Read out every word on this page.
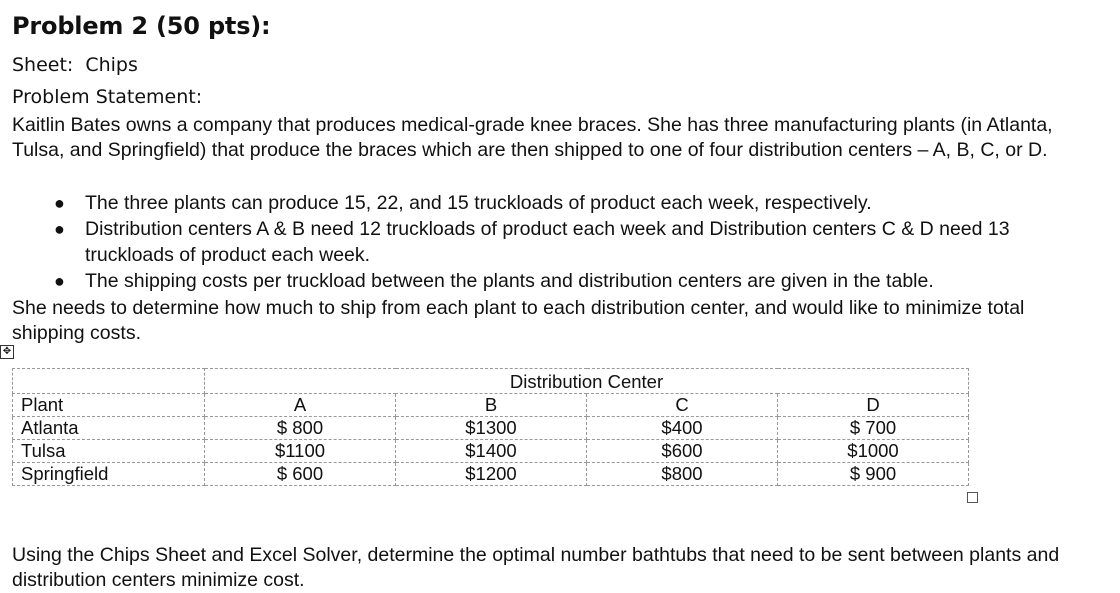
Problem 2 (50 pts):
Sheet: Chips
Problem Statement:
Kaitlin Bates owns a company that produces medical-grade knee braces. She has three manufacturing plants (in Atlanta, Tulsa, and Springfield) that produce the braces which are then shipped to one of four distribution centers – A, B, C, or D.
● The three plants can produce 15, 22, and 15 truckloads of product each week, respectively.
● Distribution centers A & B need 12 truckloads of product each week and Distribution centers C & D need 13 truckloads of product each week.
● The shipping costs per truckload between the plants and distribution centers are given in the table.
She needs to determine how much to ship from each plant to each distribution center, and would like to minimize total shipping costs.
✥
	Distribution Center			
Plant	A	B	C	D
Atlanta	$ 800	$1300	$400	$ 700
Tulsa	$1100	$1400	$600	$1000
Springfield	$ 600	$1200	$800	$ 900
Using the Chips Sheet and Excel Solver, determine the optimal number bathtubs that need to be sent between plants and distribution centers minimize cost.
